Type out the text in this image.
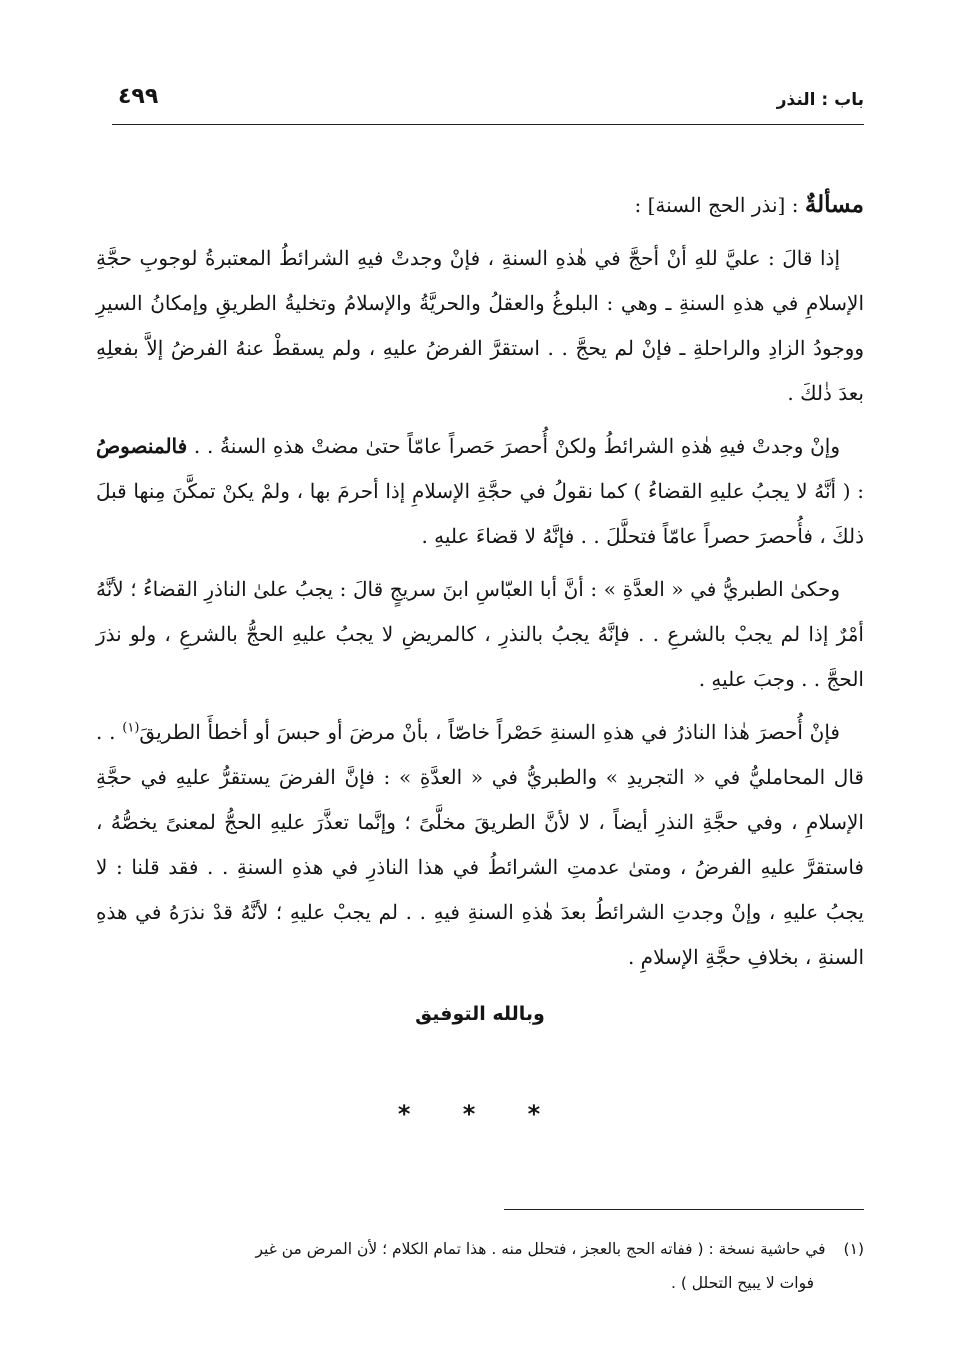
باب : النذر
٤٩٩
مسألةٌ : [نذر الحج السنة] :

إذا قالَ : عليَّ للهِ أنْ أحجَّ في هٰذهِ السنةِ ، فإنْ وجدتْ فيهِ الشرائطُ المعتبرةُ لوجوبِ حجَّةِ الإسلامِ في هذهِ السنةِ ـ وهي : البلوغُ والعقلُ والحريَّةُ والإسلامُ وتخليةُ الطريقِ وإمكانُ السيرِ ووجودُ الزادِ والراحلةِ ـ فإنْ لم يحجَّ . . استقرَّ الفرضُ عليهِ ، ولم يسقطْ عنهُ الفرضُ إلاَّ بفعلِهِ بعدَ ذٰلكَ .

وإنْ وجدتْ فيهِ هٰذهِ الشرائطُ ولكنْ أُحصرَ حَصراً عامّاً حتىٰ مضتْ هذهِ السنةُ . . فالمنصوصُ : ( أنَّهُ لا يجبُ عليهِ القضاءُ ) كما نقولُ في حجَّةِ الإسلامِ إذا أحرمَ بها ، ولمْ يكنْ تمكَّنَ مِنها قبلَ ذلكَ ، فأُحصرَ حصراً عامّاً فتحلَّلَ . . فإنَّهُ لا قضاءَ عليهِ .

وحكىٰ الطبريُّ في « العدَّةِ » : أنَّ أبا العبّاسِ ابنَ سريجٍ قالَ : يجبُ علىٰ الناذرِ القضاءُ ؛ لأنَّهُ أمْرٌ إذا لم يجبْ بالشرعِ . . فإنَّهُ يجبُ بالنذرِ ، كالمريضِ لا يجبُ عليهِ الحجُّ بالشرعِ ، ولو نذرَ الحجَّ . . وجبَ عليهِ .

فإنْ أُحصرَ هٰذا الناذرُ في هذهِ السنةِ حَصْراً خاصّاً ، بأنْ مرضَ أو حبسَ أو أخطأَ الطريقَ$^{(١)}$ . . قال المحامليُّ في « التجريدِ » والطبريُّ في « العدَّةِ » : فإنَّ الفرضَ يستقرُّ عليهِ في حجَّةِ الإسلامِ ، وفي حجَّةِ النذرِ أيضاً ، لا لأنَّ الطريقَ مخلَّىً ؛ وإنَّما تعذَّرَ عليهِ الحجُّ لمعنىً يخصُّهُ ، فاستقرَّ عليهِ الفرضُ ، ومتىٰ عدمتِ الشرائطُ في هذا الناذرِ في هذهِ السنةِ . . فقد قلنا : لا يجبُ عليهِ ، وإنْ وجدتِ الشرائطُ بعدَ هٰذهِ السنةِ فيهِ . . لم يجبْ عليهِ ؛ لأنَّهُ قدْ نذرَهُ في هذهِ السنةِ ، بخلافِ حجَّةِ الإسلامِ .

وبالله التوفيق
* * *
(١)في حاشية نسخة : ( ففاته الحج بالعجز ، فتحلل منه . هذا تمام الكلام ؛ لأن المرض من غير
فوات لا يبيح التحلل ) .
